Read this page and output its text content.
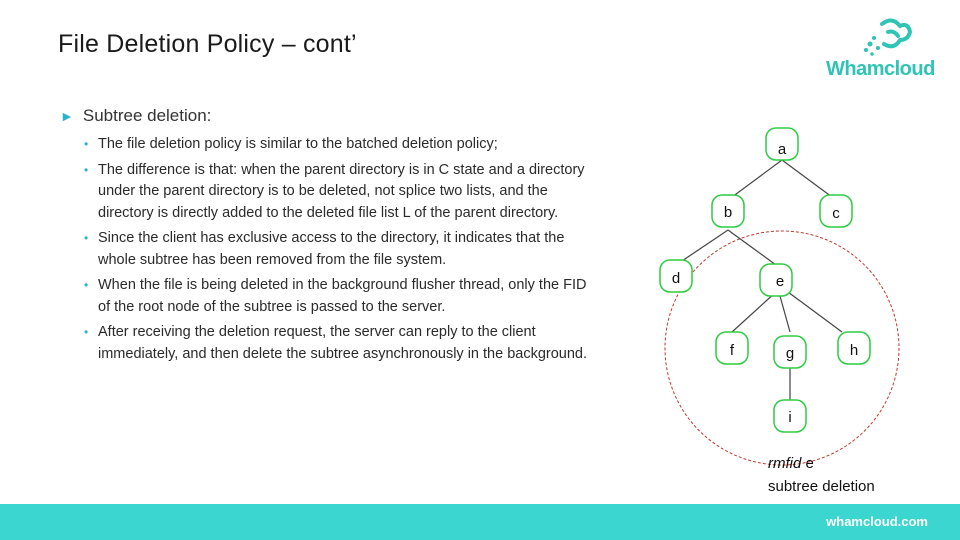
File Deletion Policy – cont’
Whamcloud
► Subtree deletion:
• The file deletion policy is similar to the batched deletion policy;
• The difference is that: when the parent directory is in C state and a directory under the parent directory is to be deleted, not splice two lists, and the directory is directly added to the deleted file list L of the parent directory.
• Since the client has exclusive access to the directory, it indicates that the whole subtree has been removed from the file system.
• When the file is being deleted in the background flusher thread, only the FID of the root node of the subtree is passed to the server.
• After receiving the deletion request, the server can reply to the client immediately, and then delete the subtree asynchronously in the background.
a
b	c
d	e
f	g	h
i
rmfid e
subtree deletion
whamcloud.com
